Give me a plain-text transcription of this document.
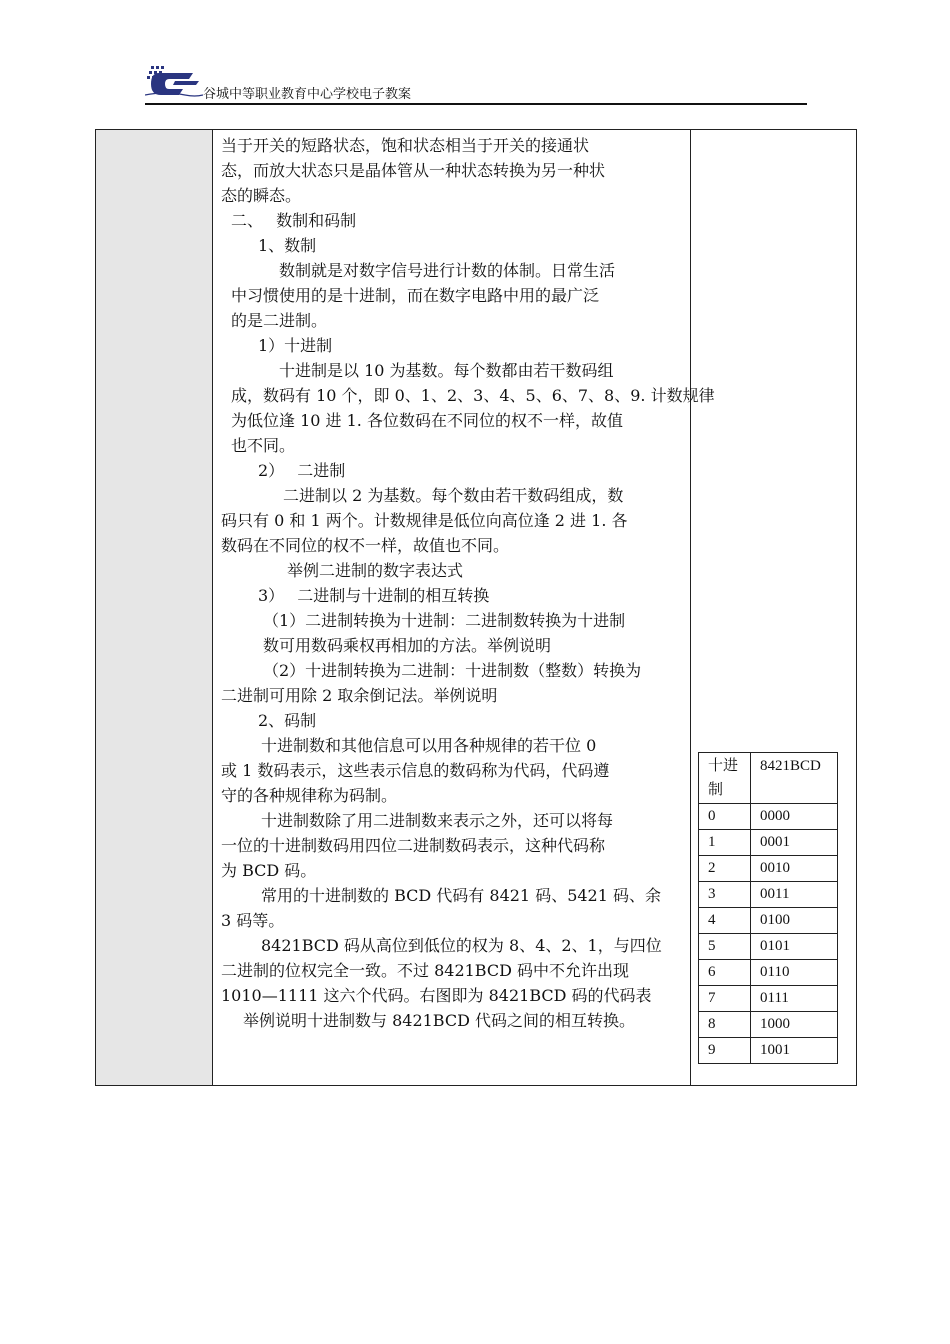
谷城中等职业教育中心学校电子教案

当于开关的短路状态，饱和状态相当于开关的接通状

态，而放大状态只是晶体管从一种状态转换为另一种状

态的瞬态。

二、　 数制和码制

1、数制

数制就是对数字信号进行计数的体制。日常生活

中习惯使用的是十进制，而在数字电路中用的最广泛

的是二进制。

1）十进制

十进制是以 10 为基数。每个数都由若干数码组

成，数码有 10 个，即 0、1、2、3、4、5、6、7、8、9. 计数规律

为低位逢 10 进 1. 各位数码在不同位的权不一样，故值

也不同。

2）　 二进制

二进制以 2 为基数。每个数由若干数码组成，数

码只有 0 和 1 两个。计数规律是低位向高位逢 2 进 1. 各

数码在不同位的权不一样，故值也不同。

举例二进制的数字表达式

3）　 二进制与十进制的相互转换

（1）二进制转换为十进制：二进制数转换为十进制

数可用数码乘权再相加的方法。举例说明

（2）十进制转换为二进制：十进制数（整数）转换为

二进制可用除 2 取余倒记法。举例说明

2、码制

十进制数和其他信息可以用各种规律的若干位 0

或 1 数码表示，这些表示信息的数码称为代码，代码遵

守的各种规律称为码制。

十进制数除了用二进制数来表示之外，还可以将每

一位的十进制数码用四位二进制数码表示，这种代码称

为 BCD 码。

常用的十进制数的 BCD 代码有 8421 码、5421 码、余

3 码等。

8421BCD 码从高位到低位的权为 8、4、2、1，与四位

二进制的位权完全一致。不过 8421BCD 码中不允许出现

1010—1111 这六个代码。右图即为 8421BCD 码的代码表

举例说明十进制数与 8421BCD 代码之间的相互转换。

十进
制	8421BCD
0	0000
1	0001
2	0010
3	0011
4	0100
5	0101
6	0110
7	0111
8	1000
9	1001
